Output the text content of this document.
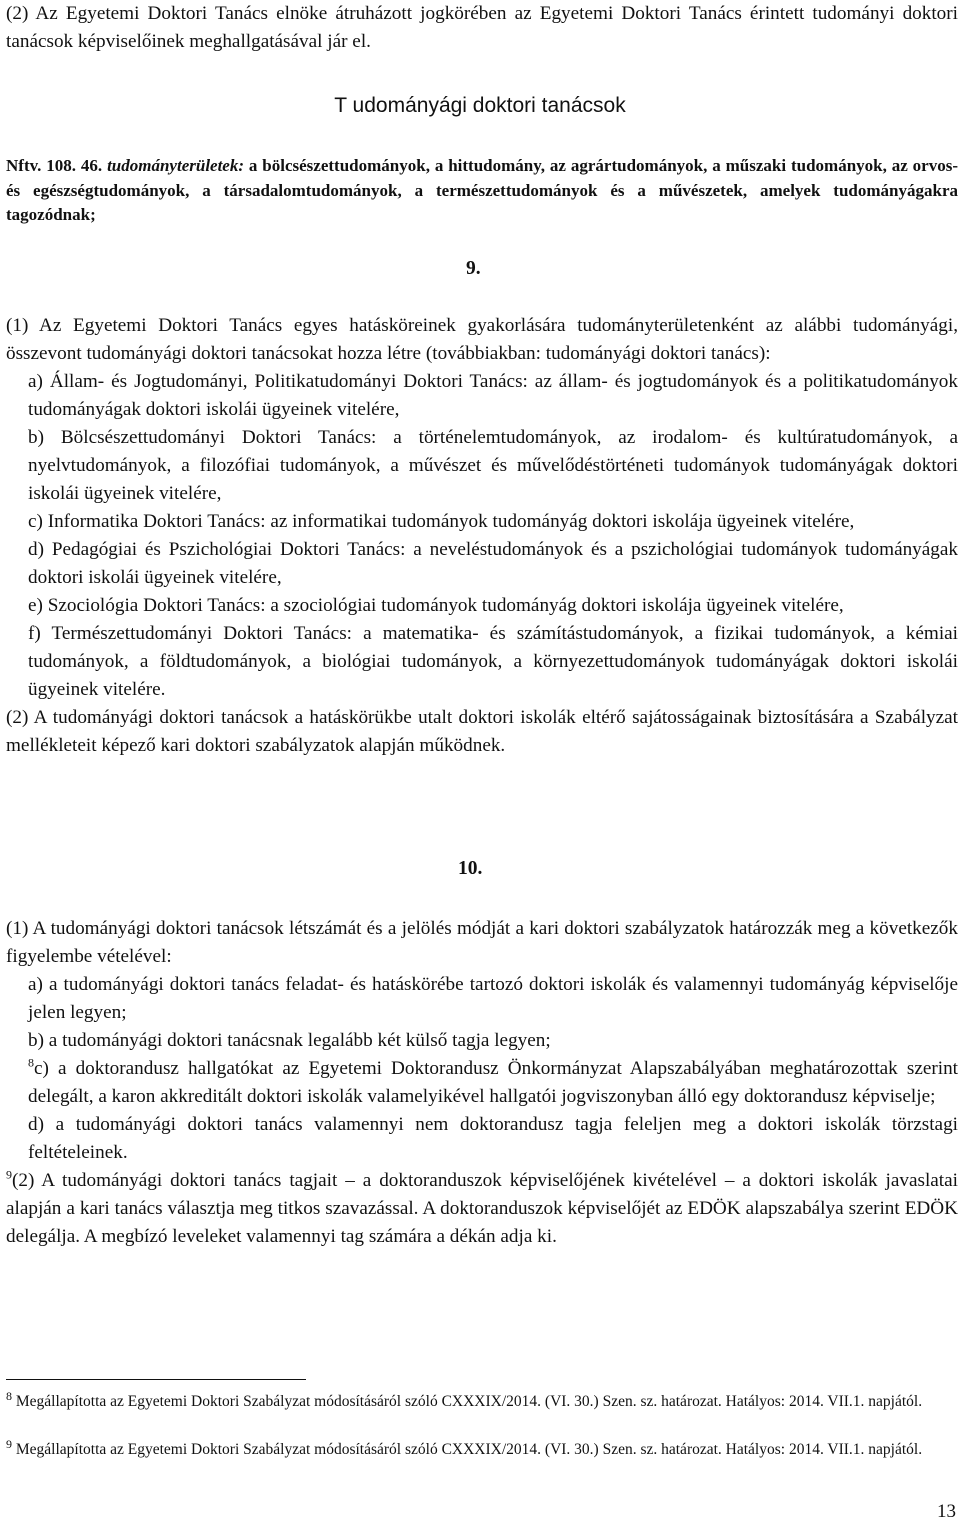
(2) Az Egyetemi Doktori Tanács elnöke átruházott jogkörében az Egyetemi Doktori Tanács érintett tudományi doktori tanácsok képviselőinek meghallgatásával jár el.

T udományági doktori tanácsok
Nftv. 108. 46. tudományterületek: a bölcsészettudományok, a hittudomány, az agrártudományok, a műszaki tudományok, az orvos- és egészségtudományok, a társadalomtudományok, a természettudományok és a művészetek, amelyek tudományágakra tagozódnak;
9.
(1) Az Egyetemi Doktori Tanács egyes hatásköreinek gyakorlására tudományterületenként az alábbi tudományági, összevont tudományági doktori tanácsokat hozza létre (továbbiakban: tudományági doktori tanács):
a) Állam- és Jogtudományi, Politikatudományi Doktori Tanács: az állam- és jogtudományok és a politikatudományok tudományágak doktori iskolái ügyeinek vitelére,
b) Bölcsészettudományi Doktori Tanács: a történelemtudományok, az irodalom- és kultúratudományok, a nyelvtudományok, a filozófiai tudományok, a művészet és művelődéstörténeti tudományok tudományágak doktori iskolái ügyeinek vitelére,
c) Informatika Doktori Tanács: az informatikai tudományok tudományág doktori iskolája ügyeinek vitelére,
d) Pedagógiai és Pszichológiai Doktori Tanács: a neveléstudományok és a pszichológiai tudományok tudományágak doktori iskolái ügyeinek vitelére,
e) Szociológia Doktori Tanács: a szociológiai tudományok tudományág doktori iskolája ügyeinek vitelére,
f) Természettudományi Doktori Tanács: a matematika- és számítástudományok, a fizikai tudományok, a kémiai tudományok, a földtudományok, a biológiai tudományok, a környezettudományok tudományágak doktori iskolái ügyeinek vitelére.
(2) A tudományági doktori tanácsok a hatáskörükbe utalt doktori iskolák eltérő sajátosságainak biztosítására a Szabályzat mellékleteit képező kari doktori szabályzatok alapján működnek.
10.
(1) A tudományági doktori tanácsok létszámát és a jelölés módját a kari doktori szabályzatok határozzák meg a következők figyelembe vételével:
a) a tudományági doktori tanács feladat- és hatáskörébe tartozó doktori iskolák és valamennyi tudományág képviselője jelen legyen;
b) a tudományági doktori tanácsnak legalább két külső tagja legyen;
$^8$c) a doktorandusz hallgatókat az Egyetemi Doktorandusz Önkormányzat Alapszabályában meghatározottak szerint delegált, a karon akkreditált doktori iskolák valamelyikével hallgatói jogviszonyban álló egy doktorandusz képviselje;
d) a tudományági doktori tanács valamennyi nem doktorandusz tagja feleljen meg a doktori iskolák törzstagi feltételeinek.
$^9$(2) A tudományági doktori tanács tagjait – a doktoranduszok képviselőjének kivételével – a doktori iskolák javaslatai alapján a kari tanács választja meg titkos szavazással. A doktoranduszok képviselőjét az EDÖK alapszabálya szerint EDÖK delegálja. A megbízó leveleket valamennyi tag számára a dékán adja ki.
$^8$ Megállapította az Egyetemi Doktori Szabályzat módosításáról szóló CXXXIX/2014. (VI. 30.) Szen. sz. határozat. Hatályos: 2014. VII.1. napjától.
$^9$ Megállapította az Egyetemi Doktori Szabályzat módosításáról szóló CXXXIX/2014. (VI. 30.) Szen. sz. határozat. Hatályos: 2014. VII.1. napjától.
13
